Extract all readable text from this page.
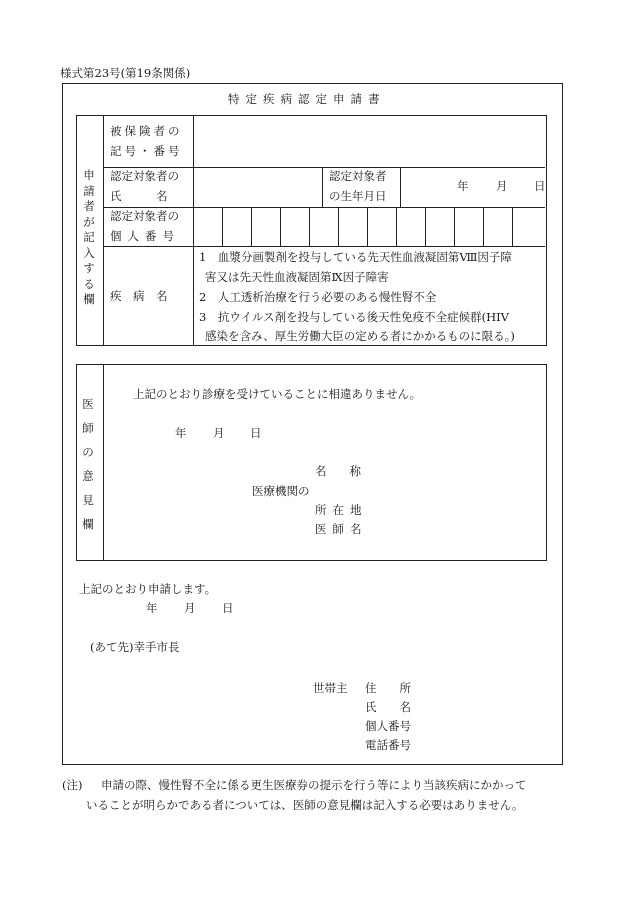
様式第23号(第19条関係)
特定疾病認定申請書
申請者が記入する欄
被保険者の
記号・番号
認定対象者の
氏　　　名
認定対象者
の生年月日
年 月 日
認定対象者の
個人番号
疾　病　名
1　血漿分画製剤を投与している先天性血液凝固第Ⅷ因子障
害又は先天性血液凝固第Ⅸ因子障害
2　人工透析治療を行う必要のある慢性腎不全
3　抗ウイルス剤を投与している後天性免疫不全症候群(HIV
感染を含み、厚生労働大臣の定める者にかかるものに限る。)
医師の意見欄
上記のとおり診療を受けていることに相違ありません。
年 月 日
名　　称
医療機関の
所在地
医師名
上記のとおり申請します。
年 月 日
(あて先)幸手市長
世帯主 住　　所
氏　　名
個人番号
電話番号
(注) 申請の際、慢性腎不全に係る更生医療券の提示を行う等により当該疾病にかかって
いることが明らかである者については、医師の意見欄は記入する必要はありません。
